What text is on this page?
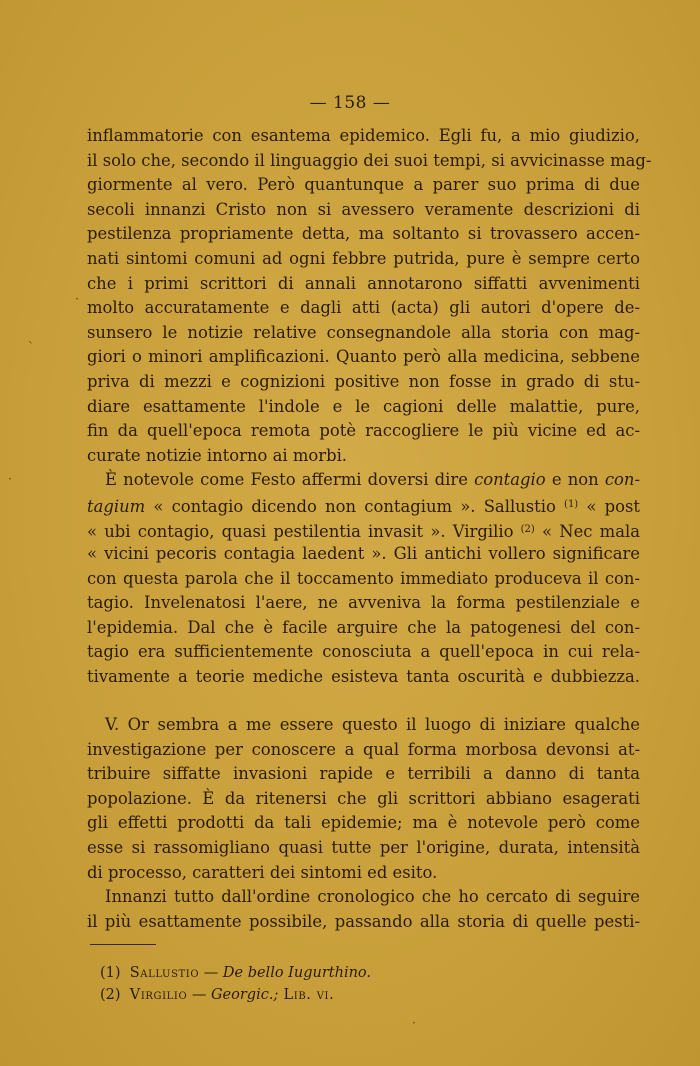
— 158 —
inflammatorie con esantema epidemico. Egli fu, a mio giudizio,
il solo che, secondo il linguaggio dei suoi tempi, si avvicinasse mag-
giormente al vero. Però quantunque a parer suo prima di due
secoli innanzi Cristo non si avessero veramente descrizioni di
pestilenza propriamente detta, ma soltanto si trovassero accen-
nati sintomi comuni ad ogni febbre putrida, pure è sempre certo
che i primi scrittori di annali annotarono siffatti avvenimenti
molto accuratamente e dagli atti (acta) gli autori d'opere de-
sunsero le notizie relative consegnandole alla storia con mag-
giori o minori amplificazioni. Quanto però alla medicina, sebbene
priva di mezzi e cognizioni positive non fosse in grado di stu-
diare esattamente l'indole e le cagioni delle malattie, pure,
fin da quell'epoca remota potè raccogliere le più vicine ed ac-
curate notizie intorno ai morbi.
È notevole come Festo affermi doversi dire contagio e non con-
tagium « contagio dicendo non contagium ». Sallustio $^{(1)}$ « post
« ubi contagio, quasi pestilentia invasit ». Virgilio $^{(2)}$ « Nec mala
« vicini pecoris contagia laedent ». Gli antichi vollero significare
con questa parola che il toccamento immediato produceva il con-
tagio. Invelenatosi l'aere, ne avveniva la forma pestilenziale e
l'epidemia. Dal che è facile arguire che la patogenesi del con-
tagio era sufficientemente conosciuta a quell'epoca in cui rela-
tivamente a teorie mediche esisteva tanta oscurità e dubbiezza.
V. Or sembra a me essere questo il luogo di iniziare qualche
investigazione per conoscere a qual forma morbosa devonsi at-
tribuire siffatte invasioni rapide e terribili a danno di tanta
popolazione. È da ritenersi che gli scrittori abbiano esagerati
gli effetti prodotti da tali epidemie; ma è notevole però come
esse si rassomigliano quasi tutte per l'origine, durata, intensità
di processo, caratteri dei sintomi ed esito.
Innanzi tutto dall'ordine cronologico che ho cercato di seguire
il più esattamente possibile, passando alla storia di quelle pesti-
(1) Sallustio — De bello Iugurthino.
(2) Virgilio — Georgic.; Lib. vi.
·
ˋ
·
·
